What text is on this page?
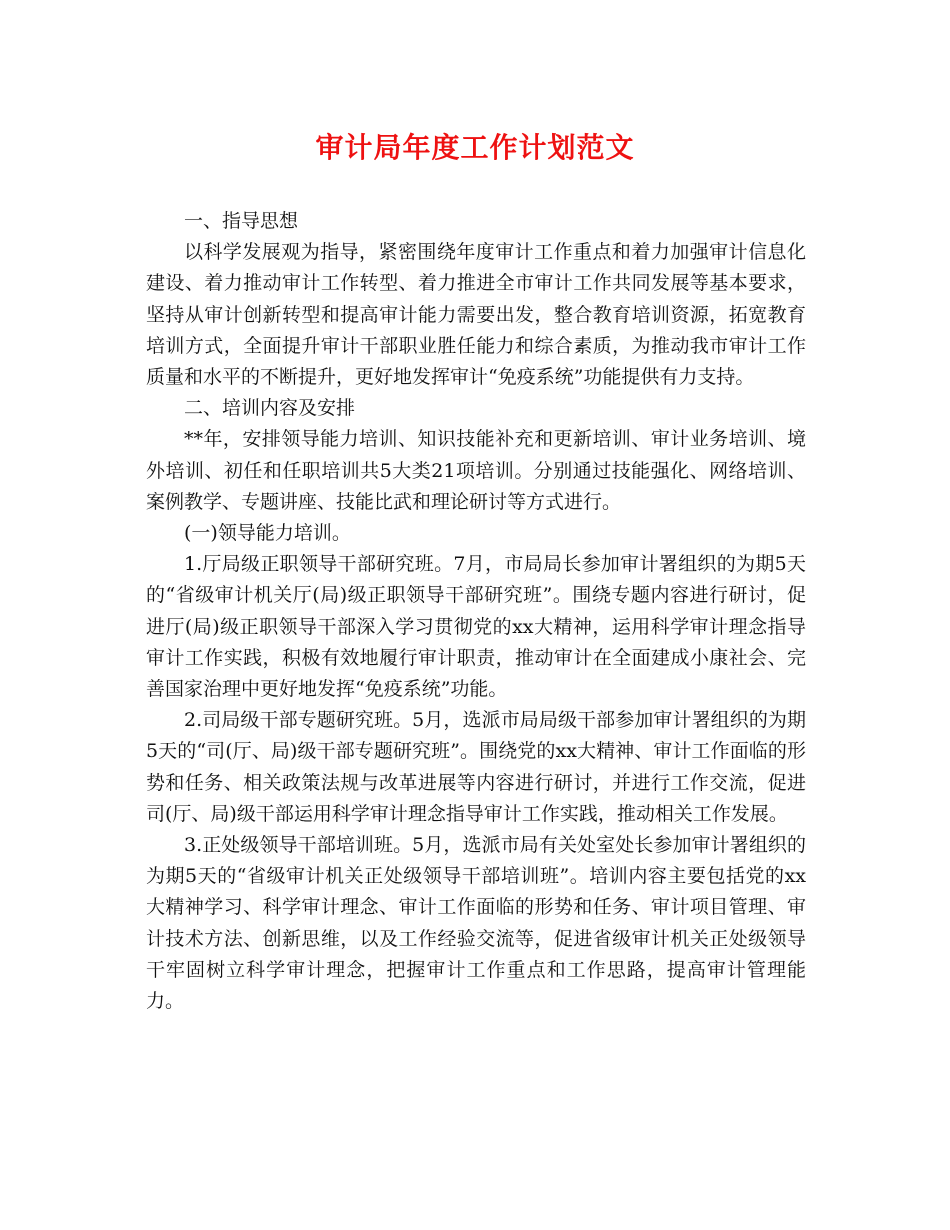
审计局年度工作计划范文

一、指导思想

以科学发展观为指导，紧密围绕年度审计工作重点和着力加强审计信息化建设、着力推动审计工作转型、着力推进全市审计工作共同发展等基本要求，坚持从审计创新转型和提高审计能力需要出发，整合教育培训资源，拓宽教育培训方式，全面提升审计干部职业胜任能力和综合素质，为推动我市审计工作质量和水平的不断提升，更好地发挥审计“免疫系统”功能提供有力支持。

二、培训内容及安排

**年，安排领导能力培训、知识技能补充和更新培训、审计业务培训、境外培训、初任和任职培训共5大类21项培训。分别通过技能强化、网络培训、案例教学、专题讲座、技能比武和理论研讨等方式进行。

(一)领导能力培训。

1.厅局级正职领导干部研究班。7月，市局局长参加审计署组织的为期5天的“省级审计机关厅(局)级正职领导干部研究班”。围绕专题内容进行研讨，促进厅(局)级正职领导干部深入学习贯彻党的xx大精神，运用科学审计理念指导审计工作实践，积极有效地履行审计职责，推动审计在全面建成小康社会、完善国家治理中更好地发挥“免疫系统”功能。

2.司局级干部专题研究班。5月，选派市局局级干部参加审计署组织的为期5天的“司(厅、局)级干部专题研究班”。围绕党的xx大精神、审计工作面临的形势和任务、相关政策法规与改革进展等内容进行研讨，并进行工作交流，促进司(厅、局)级干部运用科学审计理念指导审计工作实践，推动相关工作发展。

3.正处级领导干部培训班。5月，选派市局有关处室处长参加审计署组织的为期5天的“省级审计机关正处级领导干部培训班”。培训内容主要包括党的xx大精神学习、科学审计理念、审计工作面临的形势和任务、审计项目管理、审计技术方法、创新思维，以及工作经验交流等，促进省级审计机关正处级领导干牢固树立科学审计理念，把握审计工作重点和工作思路，提高审计管理能力。
